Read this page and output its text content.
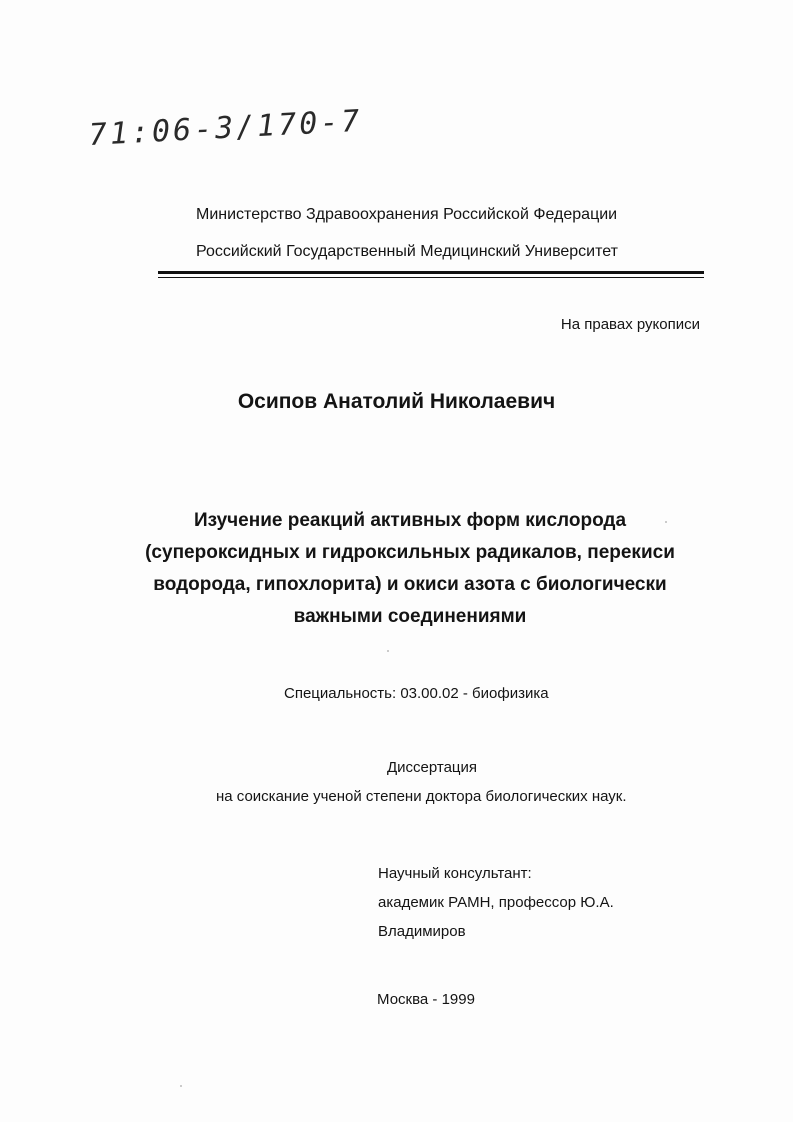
71:06-3/170-7
Министерство Здравоохранения Российской Федерации
Российский Государственный Медицинский Университет
На правах рукописи
Осипов Анатолий Николаевич
Изучение реакций активных форм кислорода
(супероксидных и гидроксильных радикалов, перекиси
водорода, гипохлорита) и окиси азота с биологически
важными соединениями
Специальность: 03.00.02 - биофизика
Диссертация
на соискание ученой степени доктора биологических наук.
Научный консультант:
академик РАМН, профессор Ю.А.
Владимиров
Москва - 1999
